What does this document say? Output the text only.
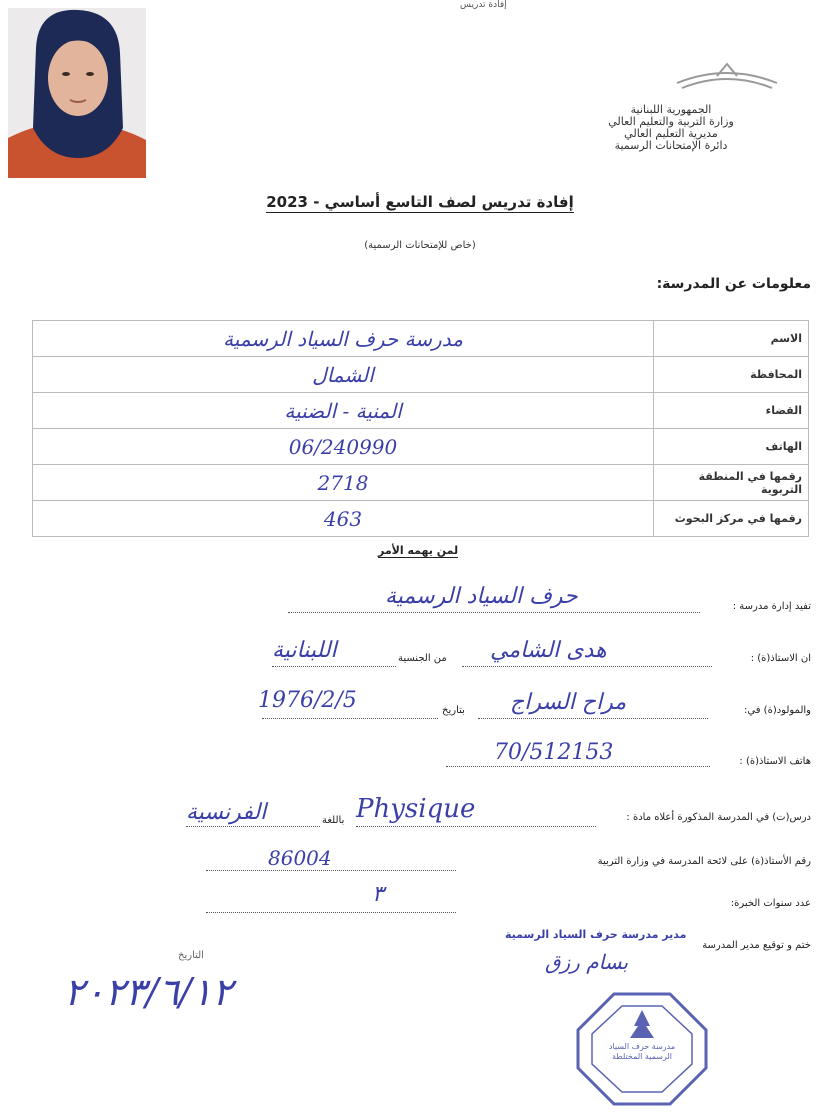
إفادة تدريس
الجمهورية اللبنانية
وزارة التربية والتعليم العالي
مديرية التعليم العالي
دائرة الإمتحانات الرسمية
إفادة تدريس لصف التاسع أساسي - 2023
(خاص للإمتحانات الرسمية)
معلومات عن المدرسة:
الاسم	مدرسة حرف السياد الرسمية
المحافظة	الشمال
القضاء	المنية - الضنية
الهاتف	06/240990
رقمها في المنطقة التربوية	2718
رقمها في مركز البحوث	463
لمن يهمه الأمر
تفيد إدارة مدرسة :
حرف السياد الرسمية
ان الاستاذ(ة) :
هدى الشامي
من الجنسية
اللبنانية
والمولود(ة) في:
مراح السراج
بتاريخ
1976/2/5
هاتف الاستاذ(ة) :
70/512153
درس(ت) في المدرسة المذكورة أعلاه مادة :
Physique
باللغة
الفرنسية
رقم الأستاذ(ة) على لائحة المدرسة في وزارة التربية
86004
عدد سنوات الخبرة:
٣
ختم و توقيع مدير المدرسة
التاريخ
٢٠٢٣/٦/١٢
مدير مدرسة حرف السياد الرسمية
بسام رزق
مدرسة حرف السياد الرسمية المختلطة
